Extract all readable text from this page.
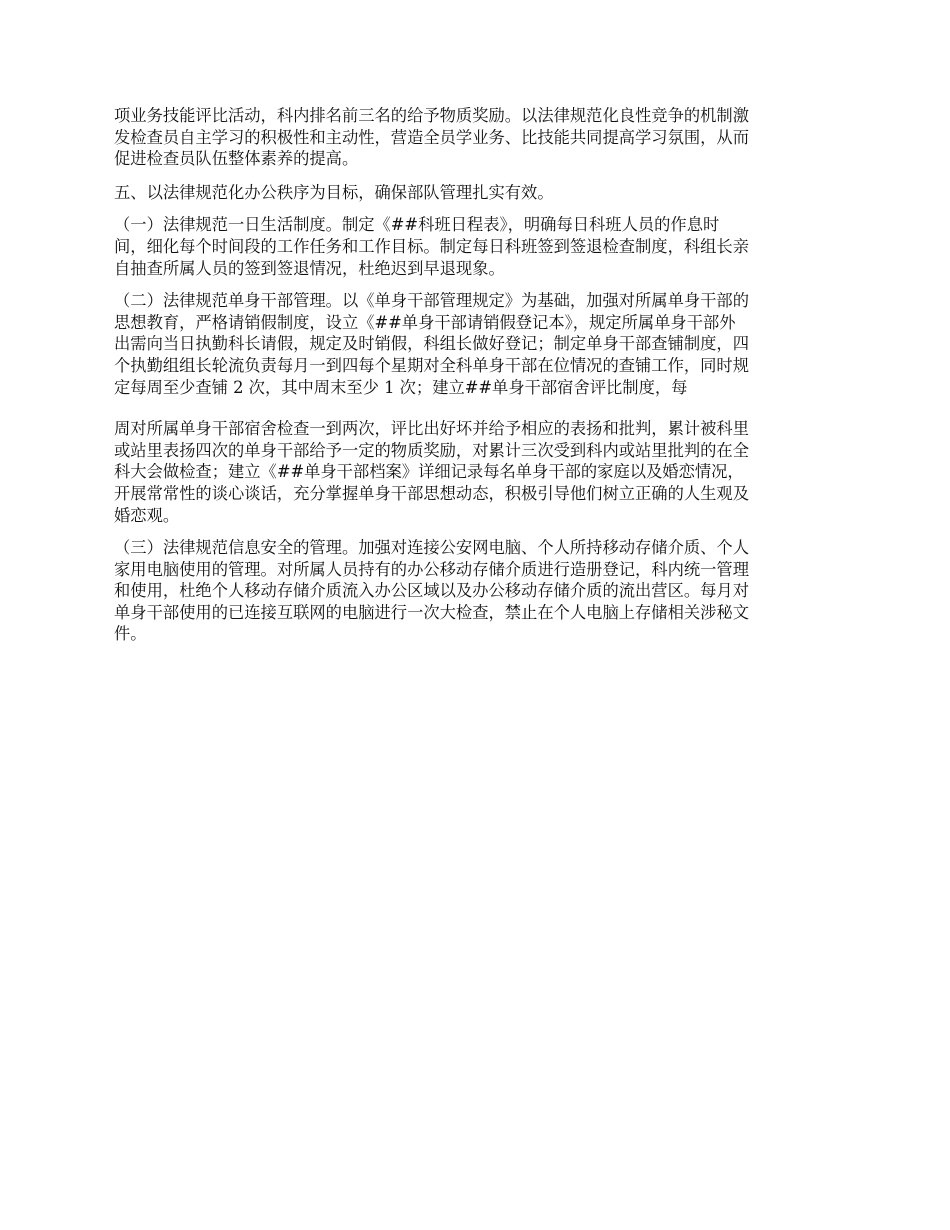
项业务技能评比活动，科内排名前三名的给予物质奖励。以法律规范化良性竞争的机制激
发检查员自主学习的积极性和主动性，营造全员学业务、比技能共同提高学习氛围，从而
促进检查员队伍整体素养的提高。

五、以法律规范化办公秩序为目标，确保部队管理扎实有效。

（一）法律规范一日生活制度。制定《##科班日程表》，明确每日科班人员的作息时
间，细化每个时间段的工作任务和工作目标。制定每日科班签到签退检查制度，科组长亲
自抽查所属人员的签到签退情况，杜绝迟到早退现象。

（二）法律规范单身干部管理。以《单身干部管理规定》为基础，加强对所属单身干部的
思想教育，严格请销假制度，设立《##单身干部请销假登记本》，规定所属单身干部外
出需向当日执勤科长请假，规定及时销假，科组长做好登记；制定单身干部查铺制度，四
个执勤组组长轮流负责每月一到四每个星期对全科单身干部在位情况的查铺工作，同时规
定每周至少查铺 2 次，其中周末至少 1 次；建立##单身干部宿舍评比制度，每

周对所属单身干部宿舍检查一到两次，评比出好坏并给予相应的表扬和批判，累计被科里
或站里表扬四次的单身干部给予一定的物质奖励，对累计三次受到科内或站里批判的在全
科大会做检查；建立《##单身干部档案》详细记录每名单身干部的家庭以及婚恋情况，
开展常常性的谈心谈话，充分掌握单身干部思想动态，积极引导他们树立正确的人生观及
婚恋观。

（三）法律规范信息安全的管理。加强对连接公安网电脑、个人所持移动存储介质、个人
家用电脑使用的管理。对所属人员持有的办公移动存储介质进行造册登记，科内统一管理
和使用，杜绝个人移动存储介质流入办公区域以及办公移动存储介质的流出营区。每月对
单身干部使用的已连接互联网的电脑进行一次大检查，禁止在个人电脑上存储相关涉秘文
件。
